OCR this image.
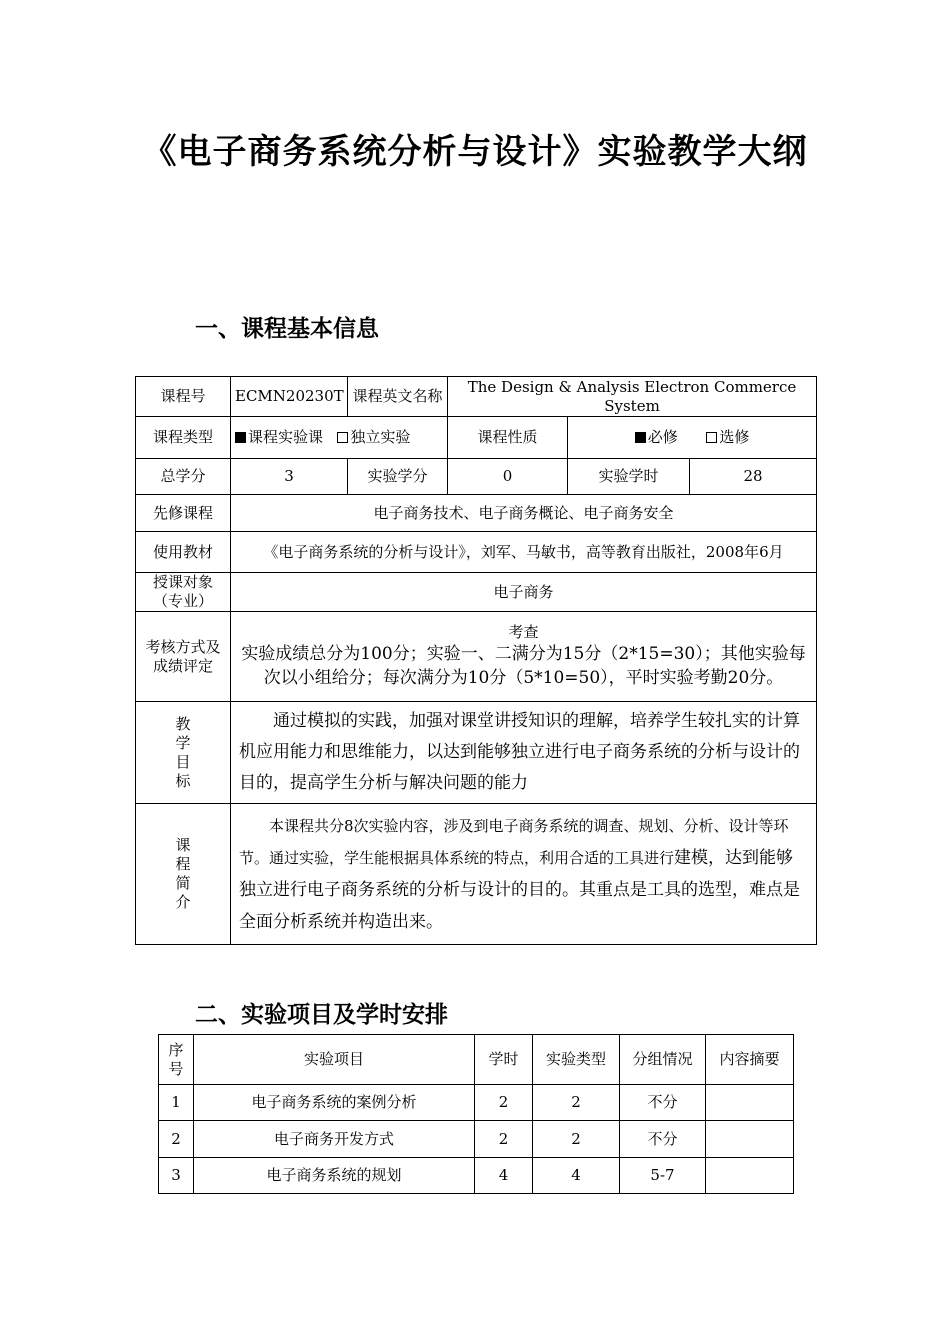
《电子商务系统分析与设计》实验教学大纲
一、课程基本信息
课程号	ECMN20230T	课程英文名称	The Design & Analysis Electron Commerce System		
课程类型	课程实验课 独立实验		课程性质	必修 选修	
总学分	3	实验学分	0	实验学时	28
先修课程	电子商务技术、电子商务概论、电子商务安全				
使用教材	《电子商务系统的分析与设计》，刘军、马敏书，高等教育出版社，2008年6月				
授课对象（专业）	电子商务				
考核方式及成绩评定	考查
实验成绩总分为100分；实验一、二满分为15分（2*15=30）；其他实验每次以小组给分；每次满分为10分（5*10=50），平时实验考勤20分。				

教学目标	通过模拟的实践，加强对课堂讲授知识的理解，培养学生较扎实的计算机应用能力和思维能力，以达到能够独立进行电子商务系统的分析与设计的目的，提高学生分析与解决问题的能力				

课程简介	本课程共分8次实验内容，涉及到电子商务系统的调查、规划、分析、设计等环节。通过实验，学生能根据具体系统的特点，利用合适的工具进行建模，达到能够独立进行电子商务系统的分析与设计的目的。其重点是工具的选型，难点是全面分析系统并构造出来。				
二、实验项目及学时安排
序号	实验项目	学时	实验类型	分组情况	内容摘要
1	电子商务系统的案例分析	2	2	不分	
2	电子商务开发方式	2	2	不分	
3	电子商务系统的规划	4	4	5-7	
